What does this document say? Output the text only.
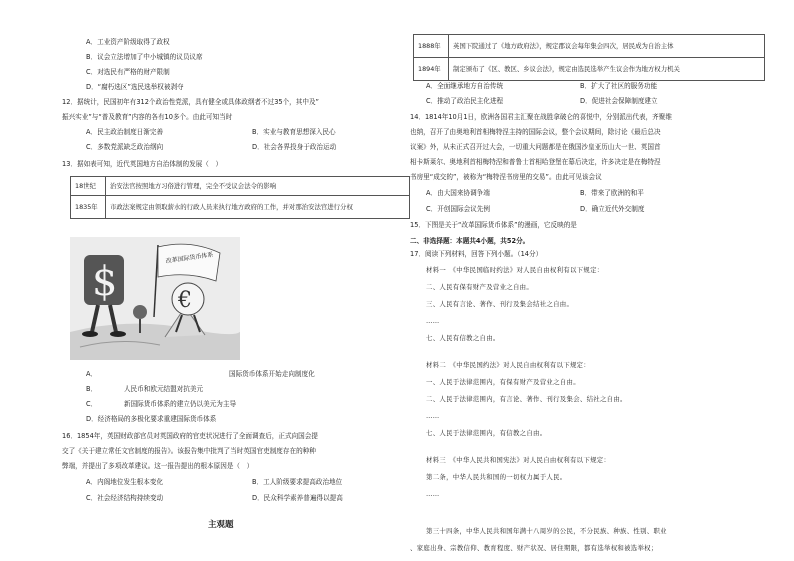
A．工业资产阶级取得了政权
B．议会立法增加了中小城镇的议员议席
C．对选民有严格的财产限制
D．“腐朽选区”选民选举权被剥夺
12．据统计，民国初年有312个政治性党派，具有健全或具体政纲者不过35个，其中及”
振兴实业”与“普及教育”内容的各有10多个。由此可知当时
A．民主政治制度日渐完善	B．实业与教育思想深入民心
C．多数党派缺乏政治纲向	D．社会各界投身于政治运动
13．据如表可知，近代英国地方自治体制的发展（　）
18世纪	治安法官按照地方习俗进行管理，完全不受议会法令的影响
1835年	市政法案规定由领取薪水的行政人员来执行地方政府的工作，并对那治安法官进行分权
$
改革国际货币体系
€
A．	国际货币体系开始走向制度化
B．	人民币和欧元结盟对抗美元
C．	新国际货币体系的建立仍以美元为主导
D．经济格局的多极化要求重建国际货币体系
16．1854年，英国财政部官员对英国政府的官吏状况进行了全面调查后，正式向国会提
交了《关于建立常任文官制度的报告》。该报告集中批判了当时英国官吏制度存在的种种
弊端，并提出了多项改革建议。这一报告提出的根本原因是（　）
A．内阁地位发生根本变化	B．工人阶级要求提高政治地位
C．社会经济结构持续变动	D．民众科学素养普遍得以提高
主观题
1888年	英国下院通过了《地方政府法》，规定郡议会每年集会四次，居民成为自治主体
1894年	制定颁布了《区、教区、乡议会法》，规定由选民选举产生议会作为地方权力机关
A．全面继承地方自治传统	B．扩大了社区的服务功能
C．推动了政治民主化进程	D．促进社会保障制度建立
14．1814年10月1日，欧洲各国君主汇聚在战胜拿破仑的喜悦中，分别派出代表，齐聚维
也纳，召开了由奥地利首相梅特涅主持的国际会议，整个会议期间，除讨论《最后总决
议案》外，从未正式召开过大会，一切重大问题都是在俄国沙皇亚历山大一世、英国首
相卡斯莱尔、奥地利首相梅特涅和普鲁士首相哈登堡在幕后决定，许多决定是在梅特涅
书房里“成交的”，被称为“梅特涅书房里的交易”。由此可见该会议
A．由大国来协调争端	B．带来了欧洲的和平
C．开创国际会议先例	D．确立近代外交制度
15．下图是关于“改革国际货币体系”的漫画，它反映的是
二、非选择题：本题共4小题，共52分。
17．阅读下列材料，回答下列小题。（14分）
材料一　《中华民国临时约法》对人民自由权利有以下规定：
二、人民有保有财产及营业之自由。
三、人民有言论、著作、刊行及集会结社之自由。
……
七、人民有信教之自由。
材料二　《中华民国约法》对人民自由权利有以下规定：
一、人民于法律范围内，有保有财产及营业之自由。
二、人民于法律范围内，有言论、著作、刊行及集会、结社之自由。
……
七、人民于法律范围内，有信教之自由。
材料三　《中华人民共和国宪法》对人民自由权利有以下规定：
第二条，中华人民共和国的一切权力属于人民。
……
第三十四条，中华人民共和国年满十八周岁的公民，不分民族、种族、性别、职业
、家庭出身、宗教信仰、教育程度、财产状况、居住期限，都有选举权和被选举权；
